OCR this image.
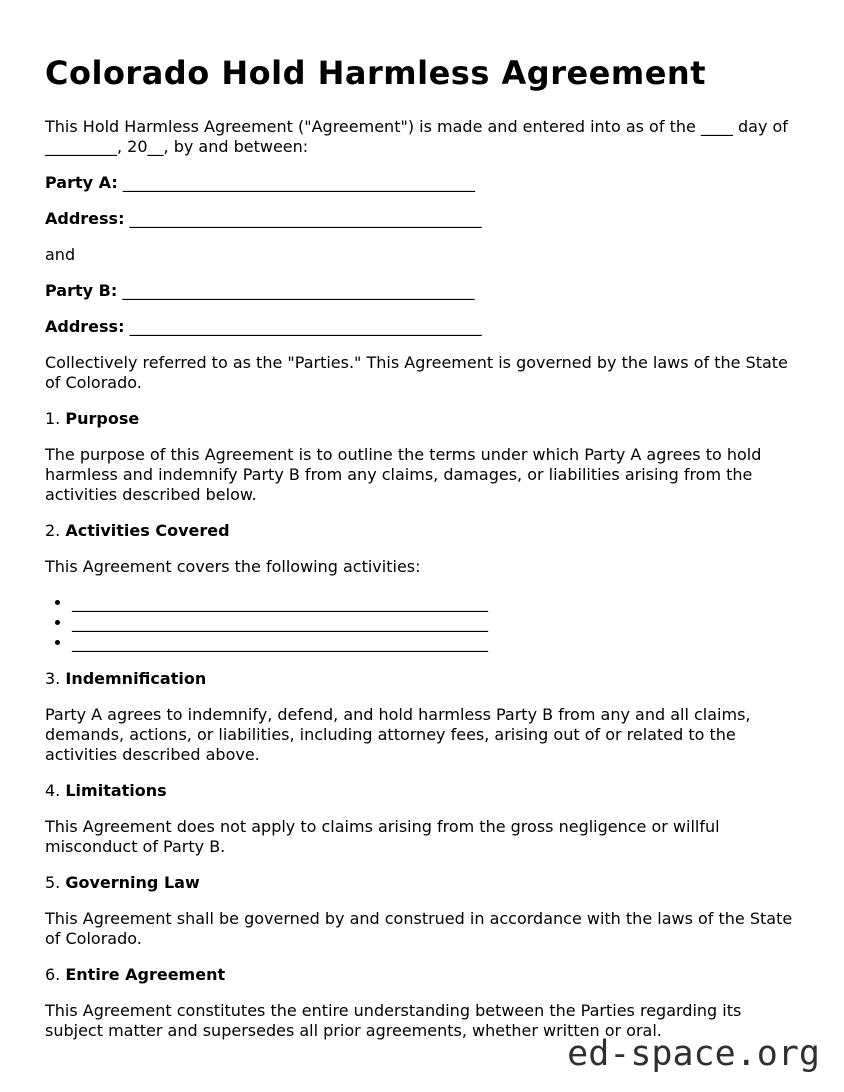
Colorado Hold Harmless Agreement

This Hold Harmless Agreement ("Agreement") is made and entered into as of the ____ day of _________, 20__, by and between:

Party A: ____________________________________________

Address: ____________________________________________

and

Party B: ____________________________________________

Address: ____________________________________________

Collectively referred to as the "Parties." This Agreement is governed by the laws of the State of Colorado.

1. Purpose

The purpose of this Agreement is to outline the terms under which Party A agrees to hold harmless and indemnify Party B from any claims, damages, or liabilities arising from the activities described below.

2. Activities Covered

This Agreement covers the following activities:

• ____________________________________________________
• ____________________________________________________
• ____________________________________________________

3. Indemnification

Party A agrees to indemnify, defend, and hold harmless Party B from any and all claims, demands, actions, or liabilities, including attorney fees, arising out of or related to the activities described above.

4. Limitations

This Agreement does not apply to claims arising from the gross negligence or willful misconduct of Party B.

5. Governing Law

This Agreement shall be governed by and construed in accordance with the laws of the State of Colorado.

6. Entire Agreement

This Agreement constitutes the entire understanding between the Parties regarding its subject matter and supersedes all prior agreements, whether written or oral.

ed-space.org
